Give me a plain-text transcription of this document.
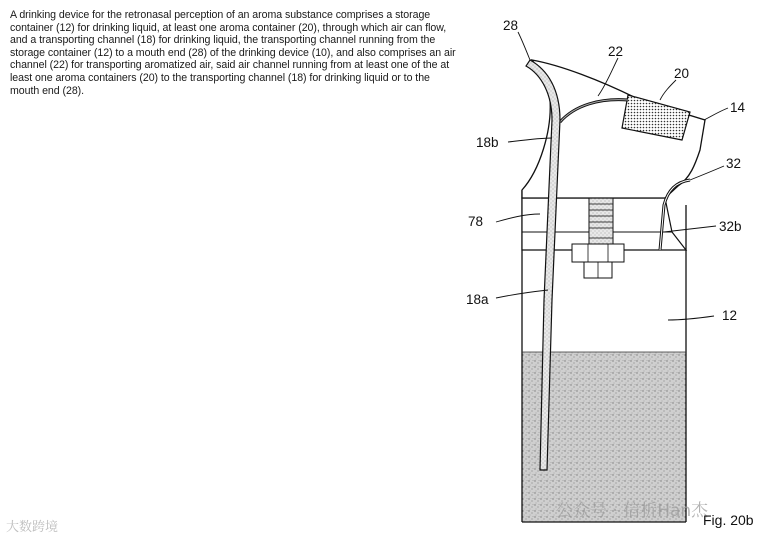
A drinking device for the retronasal perception of an aroma substance comprises a storage container (12) for drinking liquid, at least one aroma container (20), through which air can flow, and a transporting channel (18) for drinking liquid, the transporting channel running from the storage container (12) to a mouth end (28) of the drinking device (10), and also comprises an air channel (22) for transporting aromatized air, said air channel running from at least one of the at least one aroma containers (20) to the transporting channel (18) for drinking liquid or to the mouth end (28).

28
22
20
14
18b
32
78	32b
18a
12
公众号 · 信析Han杰
Fig. 20b
大数跨境
